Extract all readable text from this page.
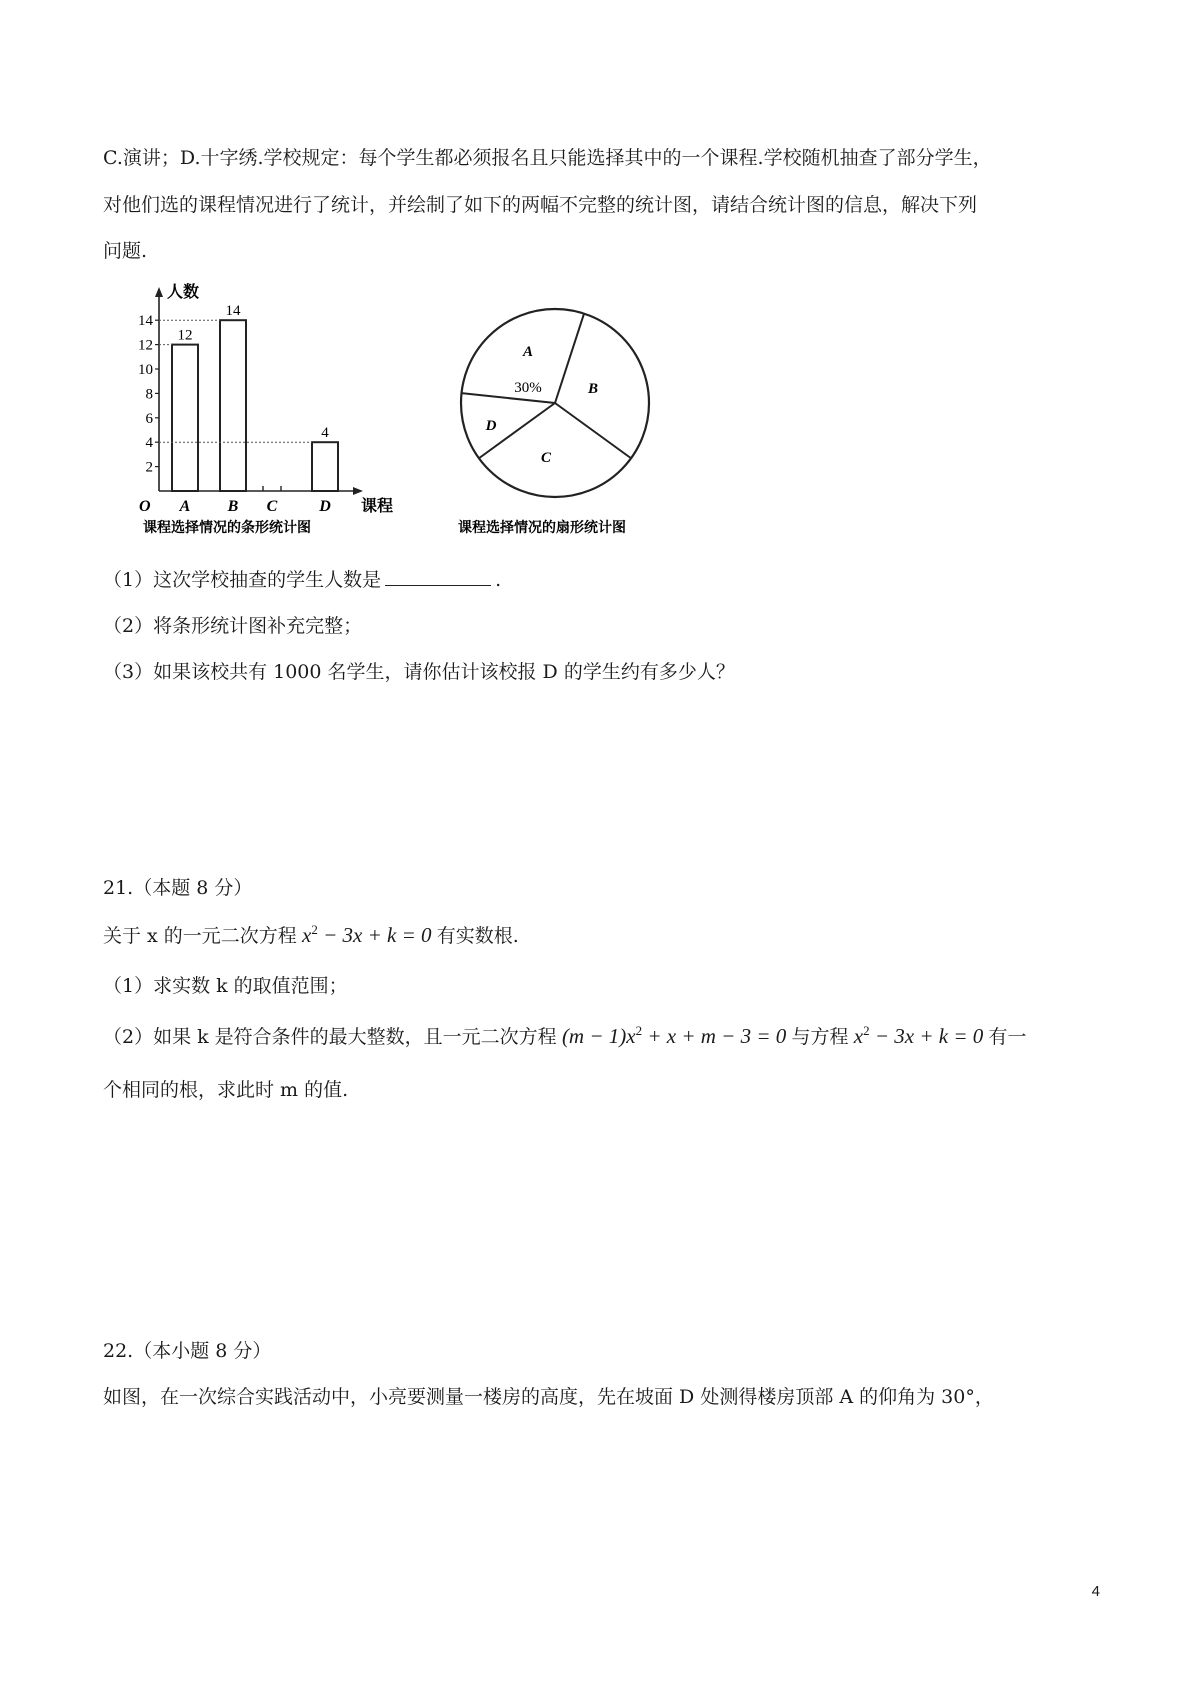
C.演讲；D.十字绣.学校规定：每个学生都必须报名且只能选择其中的一个课程.学校随机抽查了部分学生，
对他们选的课程情况进行了统计，并绘制了如下的两幅不完整的统计图，请结合统计图的信息，解决下列
问题.
人数
课程
O
2
4
6
8
10
12
14
12
A
14
B C
4
D
课程选择情况的条形统计图
A
30%	B
C
D
课程选择情况的扇形统计图
（1）这次学校抽查的学生人数是	.
（2）将条形统计图补充完整；
（3）如果该校共有 1000 名学生，请你估计该校报 D 的学生约有多少人？
21.（本题 8 分）
关于 x 的一元二次方程 $x^2 - 3x + k = 0$ 有实数根.
（1）求实数 k 的取值范围；
（2）如果 k 是符合条件的最大整数，且一元二次方程 $(m - 1)x^2 + x + m - 3 = 0$ 与方程 $x^2 - 3x + k = 0$ 有一
个相同的根，求此时 m 的值.
22.（本小题 8 分）
如图，在一次综合实践活动中，小亮要测量一楼房的高度，先在坡面 D 处测得楼房顶部 A 的仰角为 30°，
4
